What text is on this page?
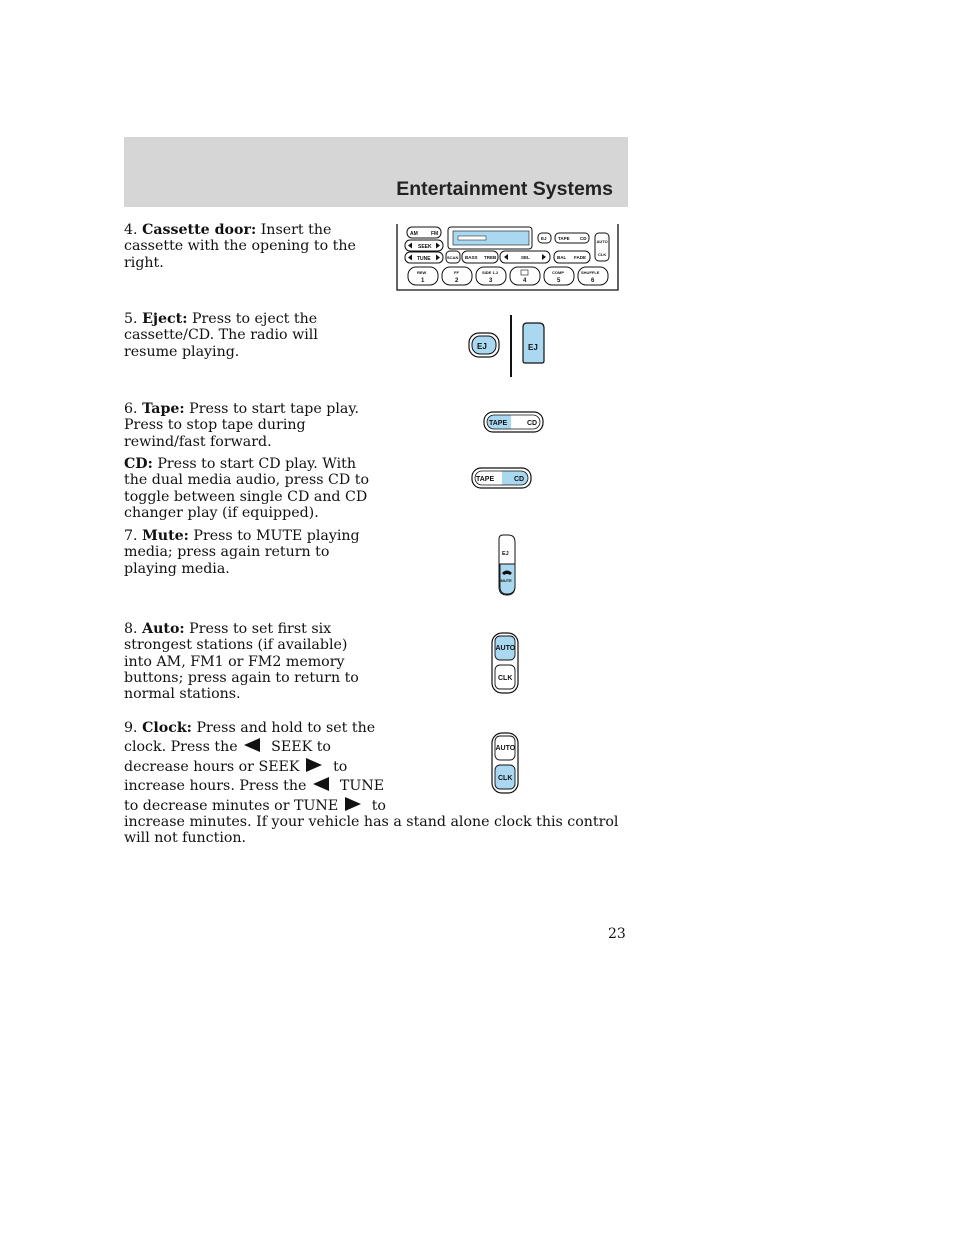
Entertainment Systems
4. Cassette door: Insert the cassette with the opening to the right.
AM	FM
SEEK
TUNE
EJ	TAPE CD
AUTO
CLK
SCAN BASS TREB	SEL	BAL FADE
REW
1
FF
2
SIDE 1-2
3	4
COMP
5
SHUFFLE
6
5. Eject: Press to eject the cassette/CD. The radio will resume playing.	EJ	EJ
6. Tape: Press to start tape play. Press to stop tape during rewind/fast forward.
TAPE	CD
CD: Press to start CD play. With the dual media audio, press CD to toggle between single CD and CD changer play (if equipped).
TAPE	CD
7. Mute: Press to MUTE playing media; press again return to playing media.
EJ
MUTE
8. Auto: Press to set first six strongest stations (if available) into AM, FM1 or FM2 memory buttons; press again to return to normal stations.
AUTO
CLK
9. Clock: Press and hold to set the
clock. Press the SEEK to
decrease hours or SEEK to
increase hours. Press the TUNE
to decrease minutes or TUNE to
increase minutes. If your vehicle has a stand alone clock this control will not function.
AUTO
CLK
23
